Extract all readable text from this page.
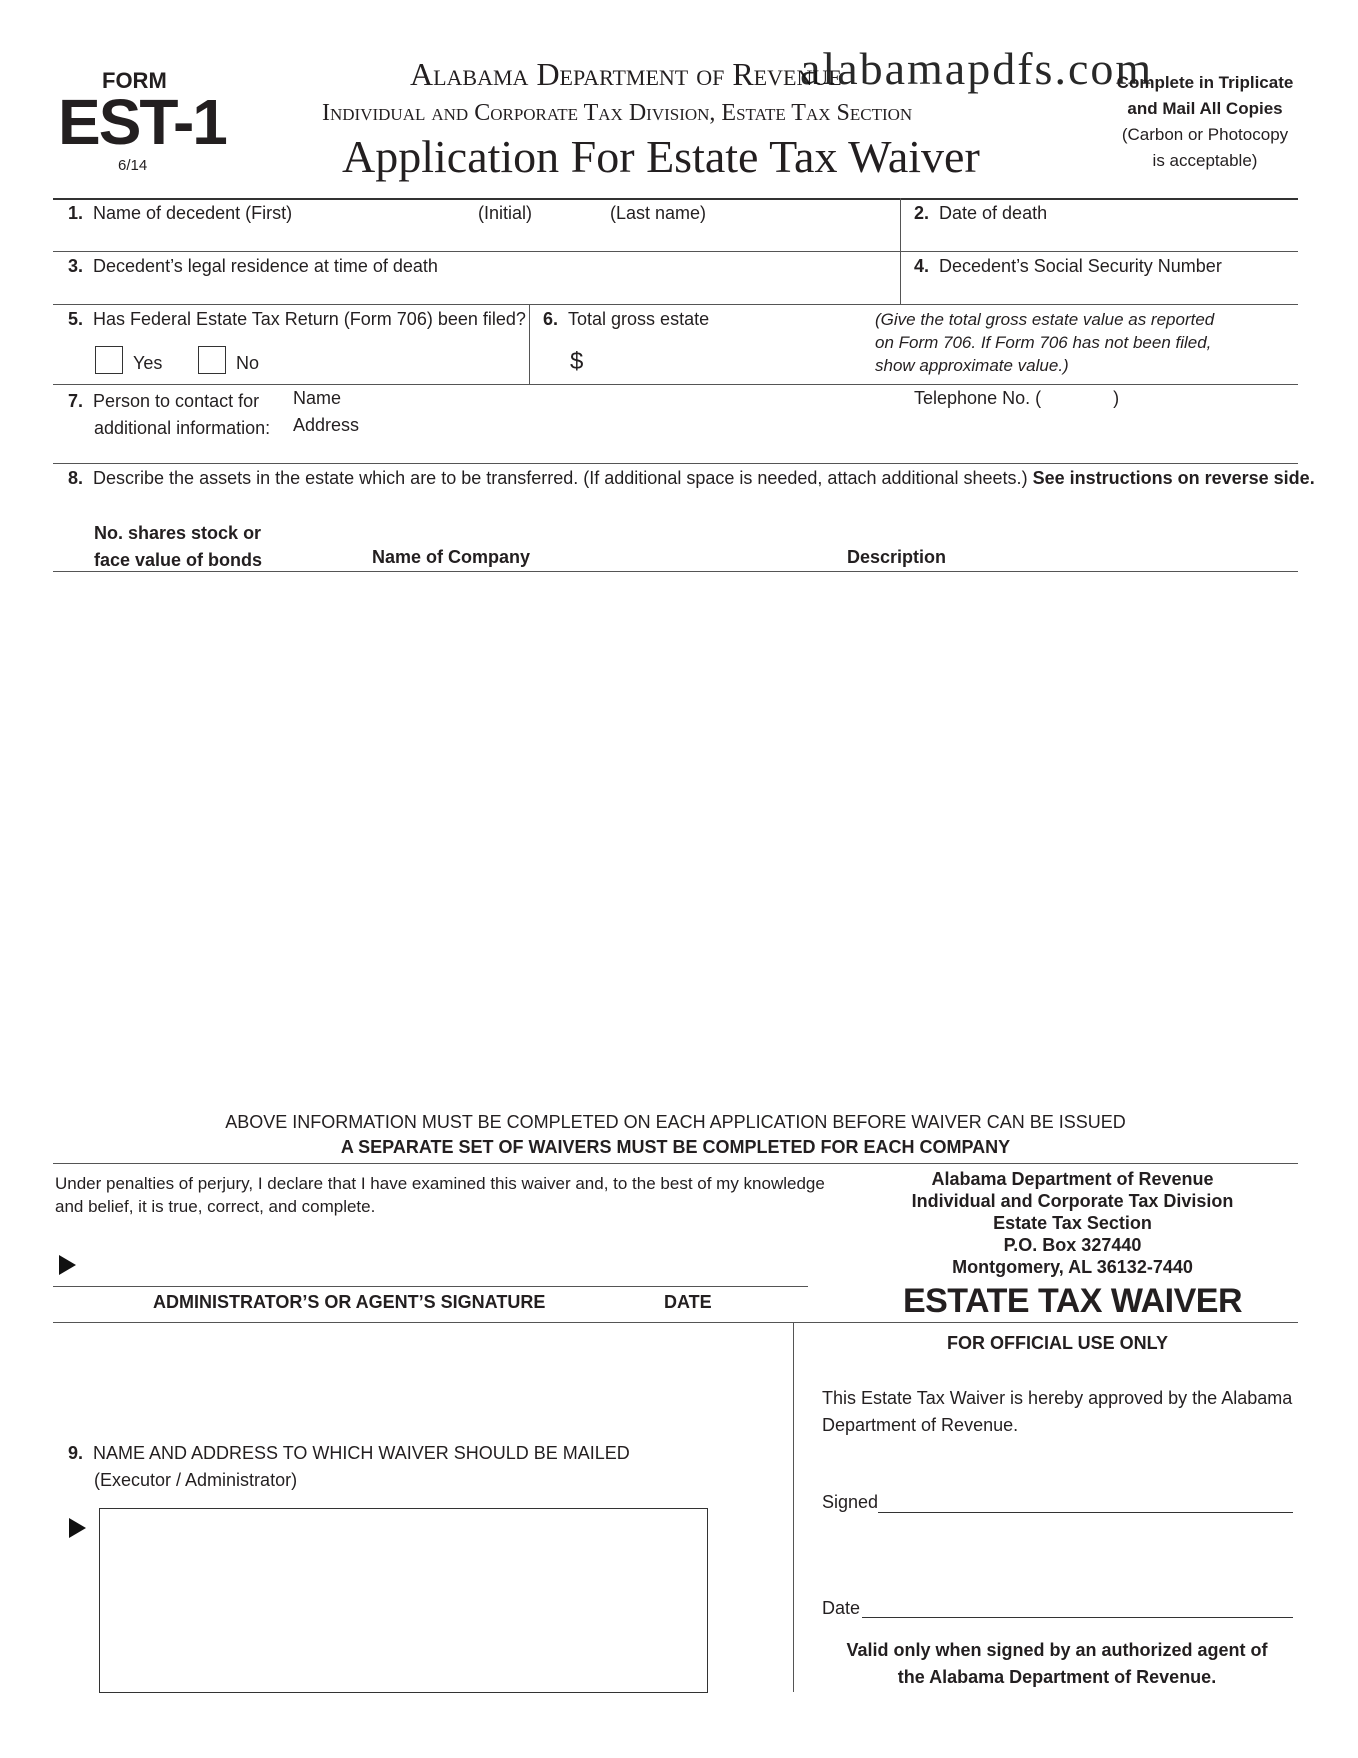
FORM
EST-1
6/14
Alabama Department of Revenue
Individual and Corporate Tax Division, Estate Tax Section
Application For Estate Tax Waiver
alabamapdfs.com
Complete in Triplicate
and Mail All Copies
(Carbon or Photocopy
is acceptable)
1. Name of decedent (First)	(Initial)	(Last name)	2. Date of death
3. Decedent’s legal residence at time of death	4. Decedent’s Social Security Number
5. Has Federal Estate Tax Return (Form 706) been filed?
Yes	No
6. Total gross estate
$
(Give the total gross estate value as reported on Form 706. If Form 706 has not been filed, show approximate value.)
7. Person to contact for
additional information:
Name
Address
Telephone No. (	)
8. Describe the assets in the estate which are to be transferred. (If additional space is needed, attach additional sheets.) See instructions on reverse side.
No. shares stock or
face value of bonds	Name of Company	Description
ABOVE INFORMATION MUST BE COMPLETED ON EACH APPLICATION BEFORE WAIVER CAN BE ISSUED
A SEPARATE SET OF WAIVERS MUST BE COMPLETED FOR EACH COMPANY
Under penalties of perjury, I declare that I have examined this waiver and, to the best of my knowledge
and belief, it is true, correct, and complete.
ADMINISTRATOR’S OR AGENT’S SIGNATURE	DATE
Alabama Department of Revenue
Individual and Corporate Tax Division
Estate Tax Section
P.O. Box 327440
Montgomery, AL 36132-7440
ESTATE TAX WAIVER
9. NAME AND ADDRESS TO WHICH WAIVER SHOULD BE MAILED
(Executor / Administrator)
FOR OFFICIAL USE ONLY
This Estate Tax Waiver is hereby approved by the Alabama
Department of Revenue.
Signed
Date
Valid only when signed by an authorized agent of
the Alabama Department of Revenue.
